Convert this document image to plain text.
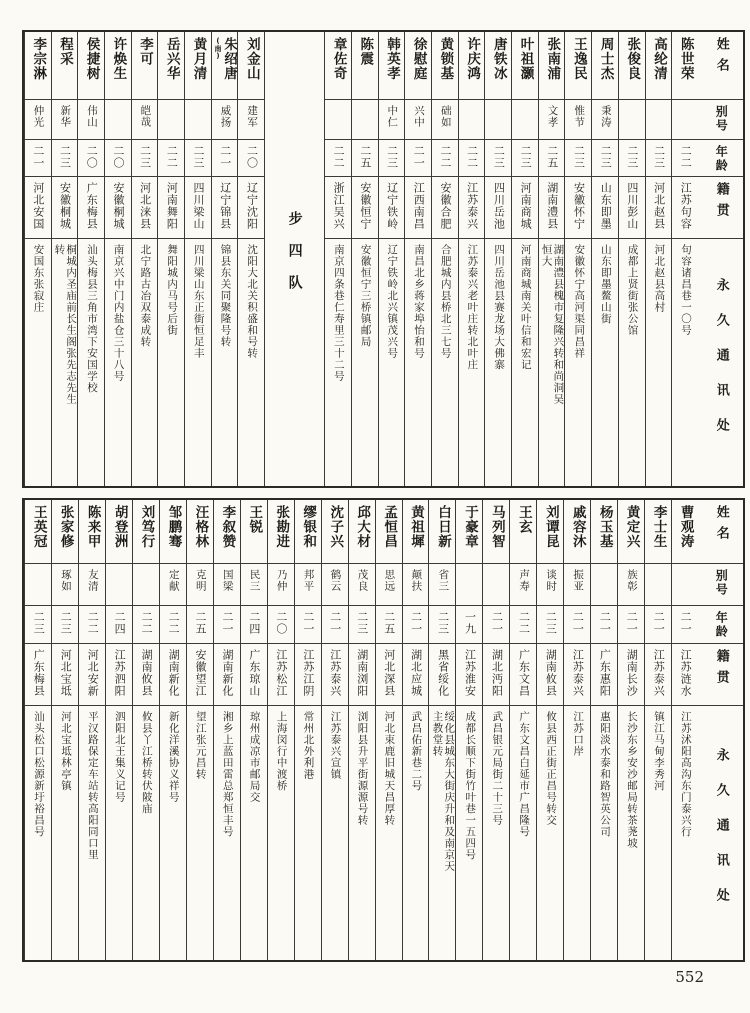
姓名
别号
年龄
籍贯
永久通讯处
陈世荣
二二
江苏句容
句容诸昌巷一〇号
高纶清
二三
河北赵县
河北赵县高村
张俊良
二三
四川彭山
成都上贤街张公馆
周士杰
秉涛
二三
山东即墨
山东即墨鳌山街
王逸民
惟节
二三
安徽怀宁
安徽怀宁高河渠同昌祥
张南浦
文孝
二五
湖南澧县
湖南澧县槐市复隆兴转和尚洞吴恒大
叶祖灏
二三
河南商城
河南商城南关叶信和宏记
唐铁冰
二三
四川岳池
四川岳池县赛龙场大佛寨
许庆鸿
二二
江苏泰兴
江苏泰兴老叶庄转北叶庄
黄锁基
础如
二二
安徽合肥
合肥城内县桥北三七号
徐慰庭
兴中
二一
江西南昌
南昌北乡蒋家埠怡和号
韩英孝
中仁
二三
辽宁铁岭
辽宁铁岭北兴镇茂兴号
陈震
二五
安徽恒宁
安徽恒宁三桥镇邮局
章佐奇
二二
浙江吴兴
南京四条巷仁寿里三十二号
步四队
刘金山
建军
二〇
辽宁沈阳
沈阳大北关积盛和号转
朱绍唐
(南)
威扬
二一
辽宁锦县
锦县东关同聚隆号转
黄月清
二三
四川梁山
四川梁山东正街恒足丰
岳兴华
二二
河南舞阳
舞阳城内马号后街
李可
皑哉
二三
河北涞县
北宁路古冶双泰成转
许焕生
二〇
安徽桐城
南京兴中门内盐仓三十八号
侯捷树
伟山
二〇
广东梅县
汕头梅县三角市湾下安国学校
程采
新华
二三
安徽桐城
桐城内圣庙前长生阁张先志先生转
李宗淋
仲光
二一
河北安国
安国东张寂庄
姓名
别号
年龄
籍贯
永久通讯处
曹观涛
二一
江苏涟水
江苏沭阳高沟东门泰兴行
李士生
二一
江苏泰兴
镇江马甸李秀河
黄定兴
族彰
二一
湖南长沙
长沙东乡安沙邮局转茶荛坡
杨玉基
二一
广东惠阳
惠阳淡水泰和路智英公司
戚容沐
振亚
二一
江苏泰兴
江苏口岸
刘谭昆
谈时
二三
湖南攸县
攸县西正街正昌号转交
王玄
声寿
二二
广东文昌
广东文昌白延市广昌隆号
马列智
二一
湖北沔阳
武昌银元局街二十三号
于豪章
一九
江苏淮安
成都长顺下街竹叶巷一五四号
白日新
省三
二三
黑省绥化
绥化县城东大街庆升和及南京天主教堂转
黄祖墀
颠扶
二一
湖北应城
武昌佑新巷二号
孟恒昌
思远
二五
河北深县
河北束鹿旧城天昌厚转
邱大材
茂良
二三
湖南浏阳
浏阳县升平街源源号转
沈子兴
鹤云
二一
江苏泰兴
江苏泰兴宣镇
缪银和
邦平
二一
江苏江阴
常州北外利港
张勘进
乃仲
二〇
江苏松江
上海闵行中渡桥
王锐
民三
二四
广东琼山
琼州成凉市邮局交
李叙赞
国梁
二一
湖南新化
湘乡上蓝田雷总郑恒丰号
汪格林
克明
二五
安徽望江
望江张元昌转
邹鹏骞
定献
二二
湖南新化
新化洋溪协义祥号
刘笃行
二二
湖南攸县
攸县丫江桥转伏陂庙
胡登洲
二四
江苏泗阳
泗阳北王集义记号
陈来甲
友清
二二
河北安新
平汉路保定车站转高阳同口里
张家修
琢如
二三
河北宝坻
河北宝坻林亭镇
王英冠
二三
广东梅县
汕头松口松源新圩裕昌号
552
